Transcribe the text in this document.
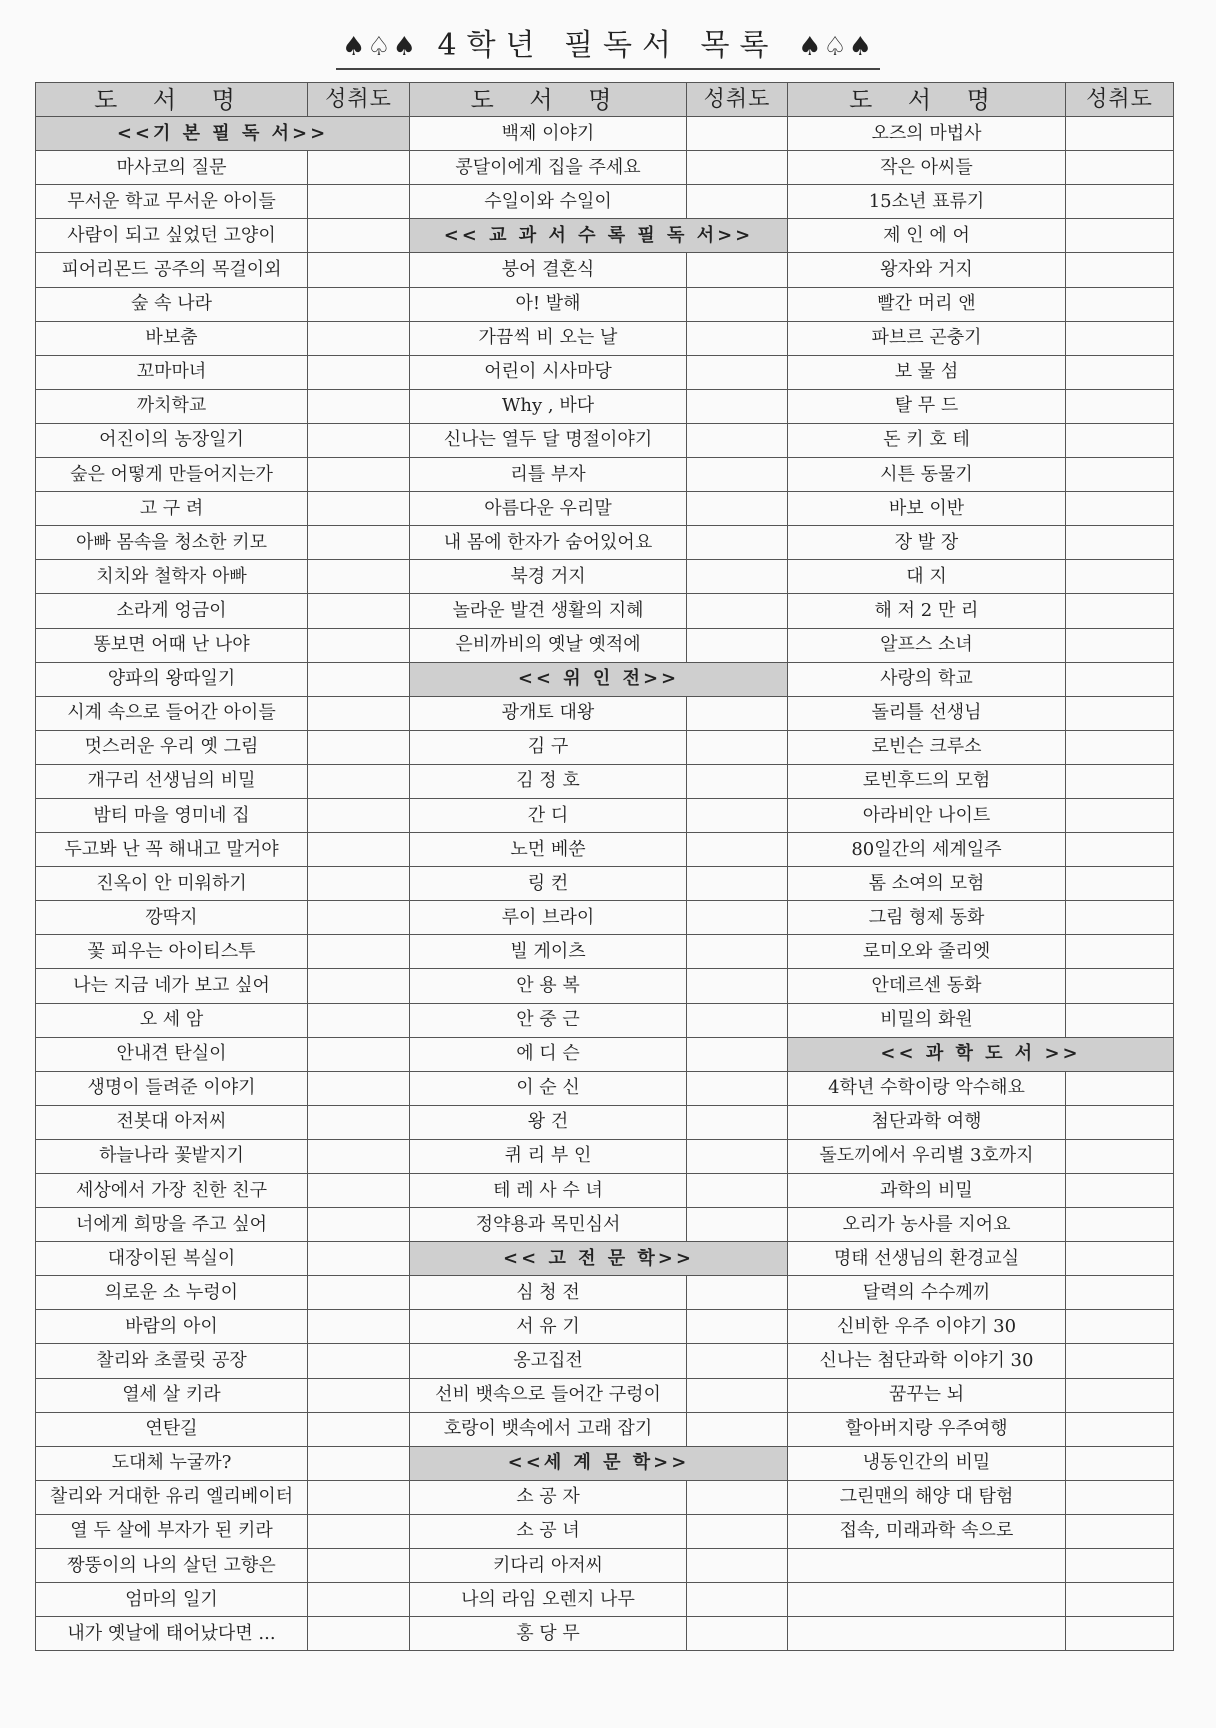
♠♤♠ 4학년 필독서 목록 ♠♤♠
도 서 명	성취도	도 서 명	성취도	도 서 명	성취도
<<기 본 필 독 서>>		백제 이야기		오즈의 마법사	
마사코의 질문		콩달이에게 집을 주세요		작은 아씨들	
무서운 학교 무서운 아이들		수일이와 수일이		15소년 표류기	
사람이 되고 싶었던 고양이		<< 교 과 서 수 록 필 독 서>>		제 인 에 어	
피어리몬드 공주의 목걸이외		붕어 결혼식		왕자와 거지	
숲 속 나라		아! 발해		빨간 머리 앤	
바보춤		가끔씩 비 오는 날		파브르 곤충기	
꼬마마녀		어린이 시사마당		보 물 섬	
까치학교		Why , 바다		탈 무 드	
어진이의 농장일기		신나는 열두 달 명절이야기		돈 키 호 테	
숲은 어떻게 만들어지는가		리틀 부자		시튼 동물기	
고 구 려		아름다운 우리말		바보 이반	
아빠 몸속을 청소한 키모		내 몸에 한자가 숨어있어요		장 발 장	
치치와 철학자 아빠		북경 거지		대 지	
소라게 엉금이		놀라운 발견 생활의 지혜		해 저 2 만 리	
똥보면 어때 난 나야		은비까비의 옛날 옛적에		알프스 소녀	
양파의 왕따일기		<< 위 인 전>>		사랑의 학교	
시계 속으로 들어간 아이들		광개토 대왕		돌리틀 선생님	
멋스러운 우리 옛 그림		김 구		로빈슨 크루소	
개구리 선생님의 비밀		김 정 호		로빈후드의 모험	
밤티 마을 영미네 집		간 디		아라비안 나이트	
두고봐 난 꼭 해내고 말거야		노먼 베쑨		80일간의 세계일주	
진옥이 안 미워하기		링 컨		톰 소여의 모험	
깡딱지		루이 브라이		그림 형제 동화	
꽃 피우는 아이티스투		빌 게이츠		로미오와 줄리엣	
나는 지금 네가 보고 싶어		안 용 복		안데르센 동화	
오 세 암		안 중 근		비밀의 화원	
안내견 탄실이		에 디 슨		<< 과 학 도 서 >>	
생명이 들려준 이야기		이 순 신		4학년 수학이랑 악수해요	
전봇대 아저씨		왕 건		첨단과학 여행	
하늘나라 꽃밭지기		퀴 리 부 인		돌도끼에서 우리별 3호까지	
세상에서 가장 친한 친구		테 레 사 수 녀		과학의 비밀	
너에게 희망을 주고 싶어		정약용과 목민심서		오리가 농사를 지어요	
대장이된 복실이		<< 고 전 문 학>>		명태 선생님의 환경교실	
의로운 소 누렁이		심 청 전		달력의 수수께끼	
바람의 아이		서 유 기		신비한 우주 이야기 30	
찰리와 초콜릿 공장		옹고집전		신나는 첨단과학 이야기 30	
열세 살 키라		선비 뱃속으로 들어간 구렁이		꿈꾸는 뇌	
연탄길		호랑이 뱃속에서 고래 잡기		할아버지랑 우주여행	
도대체 누굴까?		<<세 계 문 학>>		냉동인간의 비밀	
찰리와 거대한 유리 엘리베이터		소 공 자		그린맨의 해양 대 탐험	
열 두 살에 부자가 된 키라		소 공 녀		접속, 미래과학 속으로	
짱뚱이의 나의 살던 고향은		키다리 아저씨			
엄마의 일기		나의 라임 오렌지 나무			
내가 옛날에 태어났다면 ...		홍 당 무			
